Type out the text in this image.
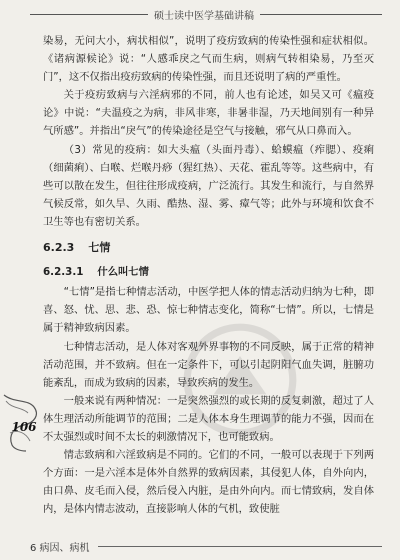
硕士读中医学基础讲稿

染易，无问大小，病状相似”，说明了疫疠致病的传染性强和症状相似。《诸病源候论》说：“人感乖戾之气而生病，则病气转相染易，乃至灭门”，这不仅指出疫疠致病的传染性强，而且还说明了病的严重性。

关于疫疠致病与六淫病邪的不同，前人也有论述，如吴又可《瘟疫论》中说：“夫温疫之为病，非风非寒，非暑非湿，乃天地间别有一种异气所感”。并指出“戾气”的传染途径是空气与接触，邪气从口鼻而入。

（3）常见的疫病：如大头瘟（头面丹毒）、蛤蟆瘟（痄腮）、疫痢（细菌痢）、白喉、烂喉丹痧（猩红热）、天花、霍乱等等。这些病中，有些可以散在发生，但往往形成疫病，广泛流行。其发生和流行，与自然界气候反常，如久旱、久雨、酷热、湿、雾、瘴气等；此外与环境和饮食不卫生等也有密切关系。

6.2.3 七情

6.2.3.1 什么叫七情

“七情”是指七种情志活动，中医学把人体的情志活动归纳为七种，即喜、怒、忧、思、悲、恐、惊七种情志变化，简称“七情”。所以，七情是属于精神致病因素。

七种情志活动，是人体对客观外界事物的不同反映，属于正常的精神活动范围，并不致病。但在一定条件下，可以引起阴阳气血失调，脏腑功能紊乱，而成为致病的因素，导致疾病的发生。

一般来说有两种情况：一是突然强烈的或长期的反复刺激，超过了人体生理活动所能调节的范围；二是人体本身生理调节的能力不强，因而在不太强烈或时间不太长的刺激情况下，也可能致病。

情志致病和六淫致病是不同的。它们的不同，一般可以表现于下列两个方面：一是六淫本是体外自然界的致病因素，其侵犯人体，自外向内，由口鼻、皮毛而入侵，然后侵入内脏，是由外向内。而七情致病，发自体内，是体内情志波动，直接影响人体的气机，致使脏

106
6 病因、病机
